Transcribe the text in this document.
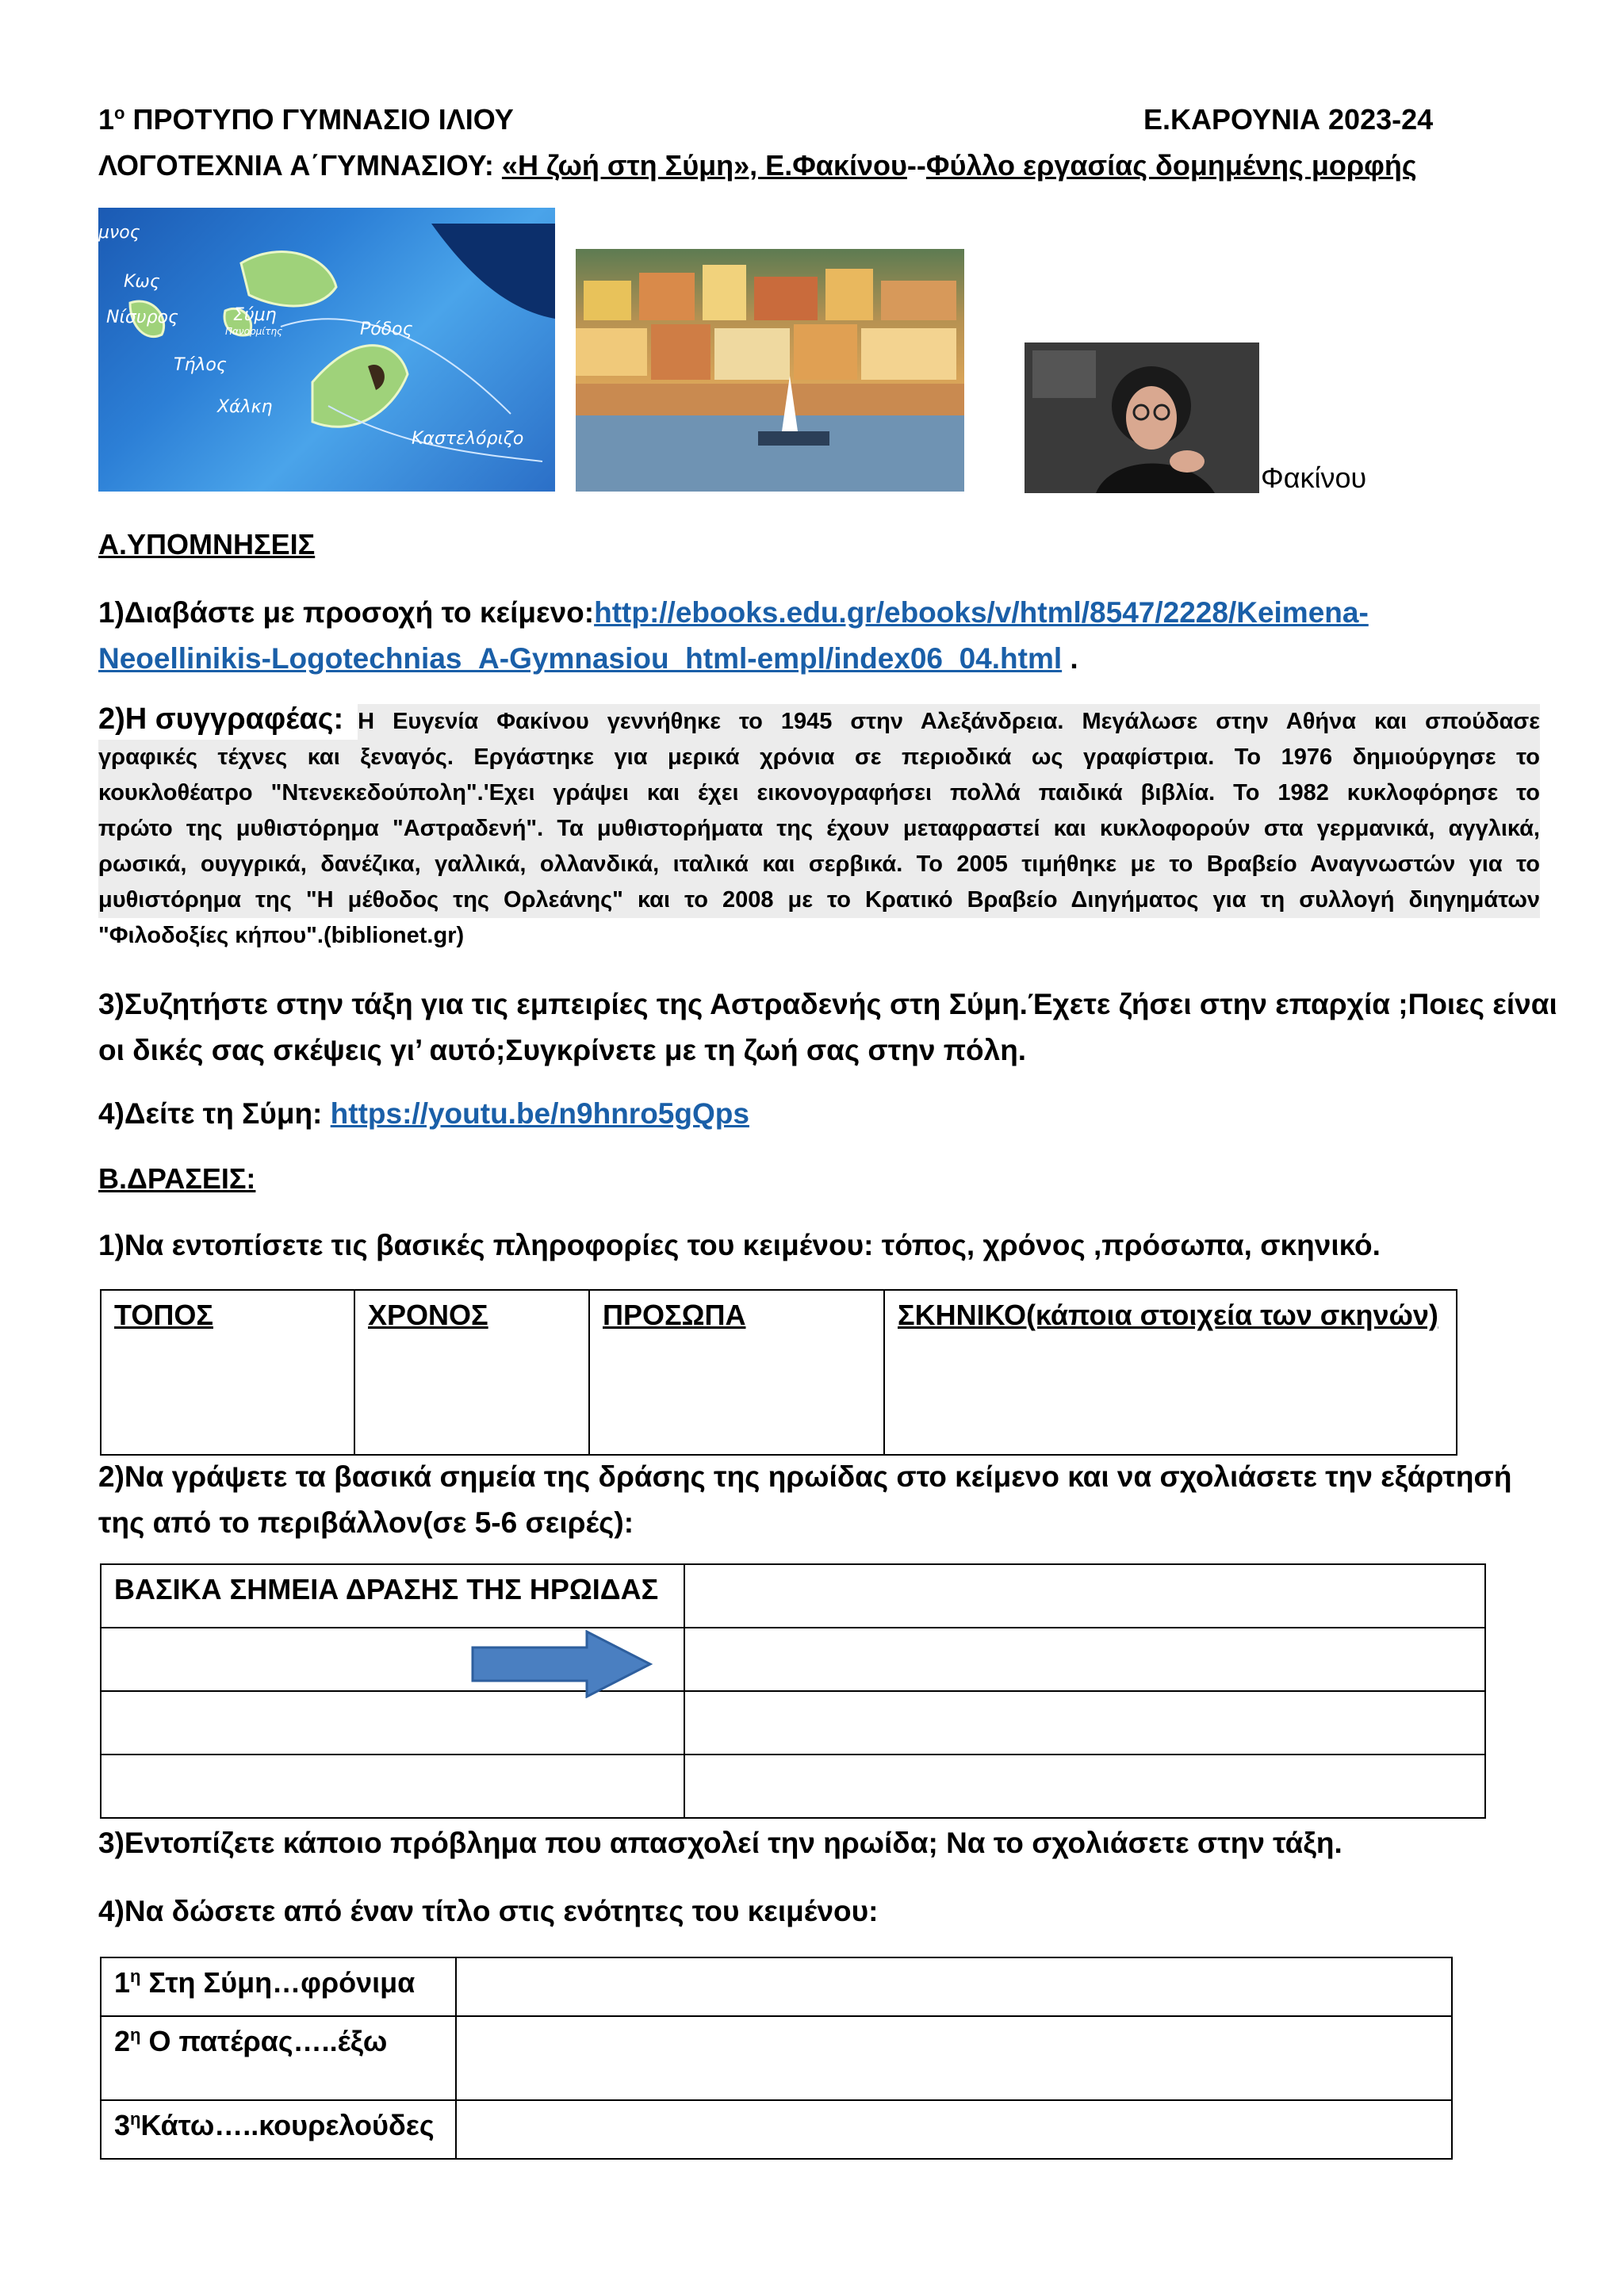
$1^o$ ΠΡΟΤΥΠΟ ΓΥΜΝΑΣΙΟ ΙΛΙΟΥ	Ε.ΚΑΡΟΥΝΙΑ 2023-24
ΛΟΓΟΤΕΧΝΙΑ Α΄ΓΥΜΝΑΣΙΟΥ: «Η ζωή στη Σύμη», Ε.Φακίνου--Φύλλο εργασίας δομημένης μορφής
μνος
Κως
Νίσυρος	Σύμη
Πανορμίτης	Ρόδος
Τήλος
Χάλκη
Καστελόριζο
Φακίνου
Α.ΥΠΟΜΝΗΣΕΙΣ
1)Διαβάστε με προσοχή το κείμενο:http://ebooks.edu.gr/ebooks/v/html/8547/2228/Keimena-
Neoellinikis-Logotechnias_A-Gymnasiou_html-empl/index06_04.html .
2)Η συγγραφέας: Η Ευγενία Φακίνου γεννήθηκε το 1945 στην Αλεξάνδρεια. Μεγάλωσε στην Αθήνα και σπούδασε
γραφικές τέχνες και ξεναγός. Εργάστηκε για μερικά χρόνια σε περιοδικά ως γραφίστρια. Το 1976 δημιούργησε το
κουκλοθέατρο "Ντενεκεδούπολη".'Εχει γράψει και έχει εικονογραφήσει πολλά παιδικά βιβλία. Το 1982 κυκλοφόρησε το
πρώτο της μυθιστόρημα "Αστραδενή". Τα μυθιστορήματα της έχουν μεταφραστεί και κυκλοφορούν στα γερμανικά, αγγλικά,
ρωσικά, ουγγρικά, δανέζικα, γαλλικά, ολλανδικά, ιταλικά και σερβικά. Το 2005 τιμήθηκε με το Βραβείο Αναγνωστών για το
μυθιστόρημα της "Η μέθοδος της Ορλεάνης" και το 2008 με το Κρατικό Βραβείο Διηγήματος για τη συλλογή διηγημάτων
"Φιλοδοξίες κήπου".(biblionet.gr)
3)Συζητήστε στην τάξη για τις εμπειρίες της Αστραδενής στη Σύμη.Έχετε ζήσει στην επαρχία ;Ποιες είναι
οι δικές σας σκέψεις γι’ αυτό;Συγκρίνετε με τη ζωή σας στην πόλη.
4)Δείτε τη Σύμη: https://youtu.be/n9hnro5gQps
Β.ΔΡΑΣΕΙΣ:
1)Να εντοπίσετε τις βασικές πληροφορίες του κειμένου: τόπος, χρόνος ,πρόσωπα, σκηνικό.
ΤΟΠΟΣ	ΧΡΟΝΟΣ	ΠΡΟΣΩΠΑ	ΣΚΗΝΙΚΟ(κάποια στοιχεία των σκηνών)
2)Να γράψετε τα βασικά σημεία της δράσης της ηρωίδας στο κείμενο και να σχολιάσετε την εξάρτησή
της από το περιβάλλον(σε 5-6 σειρές):
ΒΑΣΙΚΑ ΣΗΜΕΙΑ ΔΡΑΣΗΣ ΤΗΣ ΗΡΩΙΔΑΣ	

3)Εντοπίζετε κάποιο πρόβλημα που απασχολεί την ηρωίδα; Να το σχολιάσετε στην τάξη.
4)Να δώσετε από έναν τίτλο στις ενότητες του κειμένου:
$1^\eta$ Στη Σύμη…φρόνιμα	
$2^\eta$ Ο πατέρας…..έξω	
$3^\eta Kά\tau\omega\dots..\kappa o\upsilon\rho\varepsilon\lambda oύ\delta\varepsilon\varsigma$	
